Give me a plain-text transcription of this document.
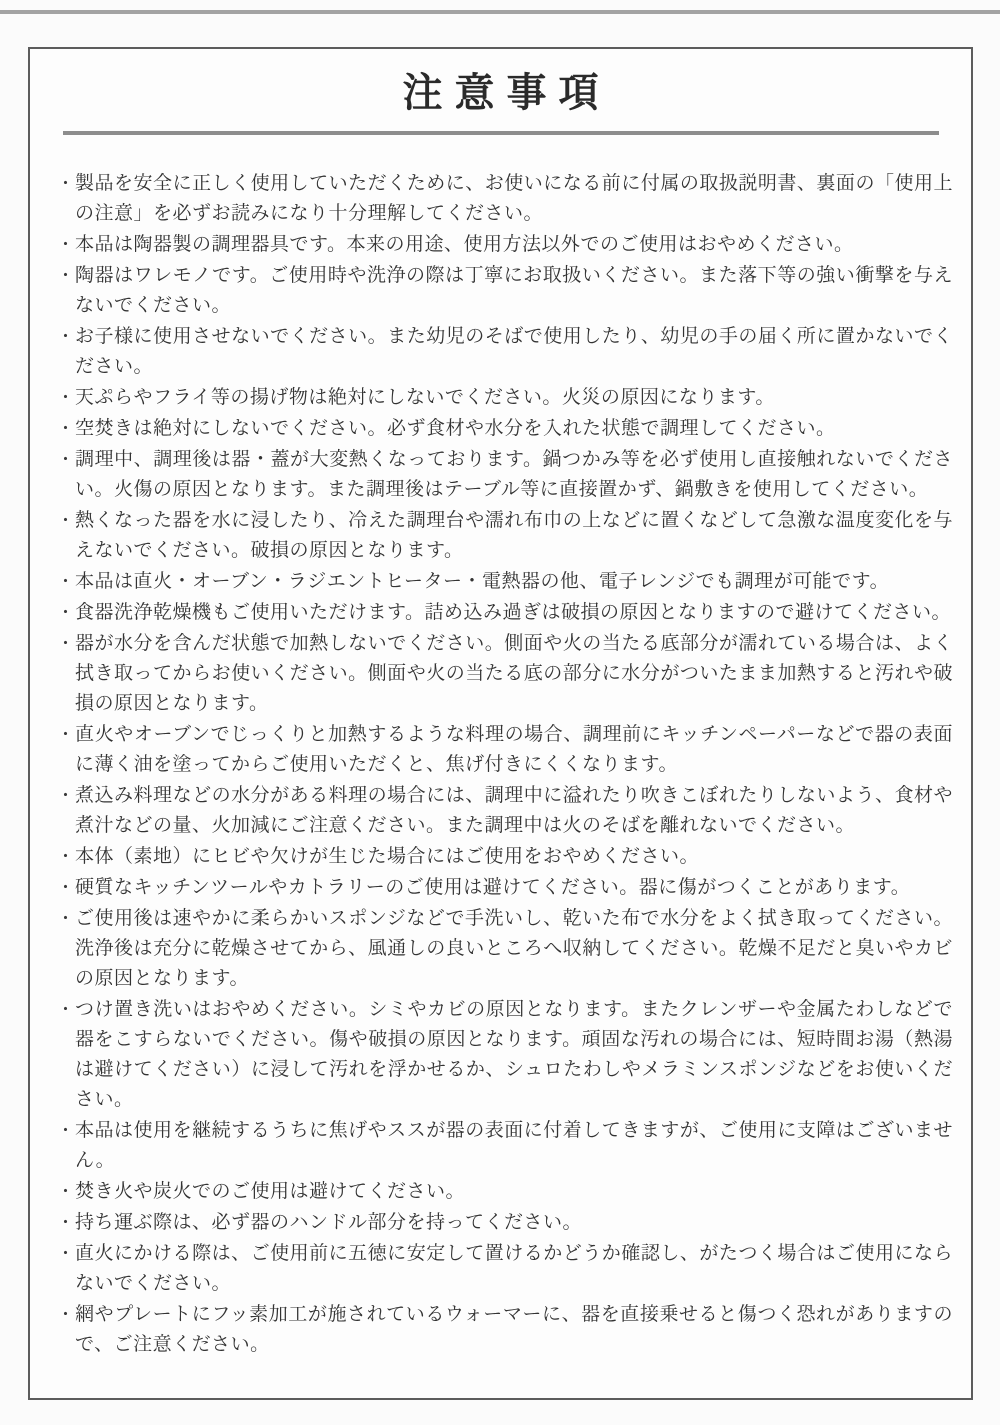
注意事項
・製品を安全に正しく使用していただくために、お使いになる前に付属の取扱説明書、裏面の「使用上の注意」を必ずお読みになり十分理解してください。
・本品は陶器製の調理器具です。本来の用途、使用方法以外でのご使用はおやめください。
・陶器はワレモノです。ご使用時や洗浄の際は丁寧にお取扱いください。また落下等の強い衝撃を与えないでください。
・お子様に使用させないでください。また幼児のそばで使用したり、幼児の手の届く所に置かないでください。
・天ぷらやフライ等の揚げ物は絶対にしないでください。火災の原因になります。
・空焚きは絶対にしないでください。必ず食材や水分を入れた状態で調理してください。
・調理中、調理後は器・蓋が大変熱くなっております。鍋つかみ等を必ず使用し直接触れないでください。火傷の原因となります。また調理後はテーブル等に直接置かず、鍋敷きを使用してください。
・熱くなった器を水に浸したり、冷えた調理台や濡れ布巾の上などに置くなどして急激な温度変化を与えないでください。破損の原因となります。
・本品は直火・オーブン・ラジエントヒーター・電熱器の他、電子レンジでも調理が可能です。
・食器洗浄乾燥機もご使用いただけます。詰め込み過ぎは破損の原因となりますので避けてください。
・器が水分を含んだ状態で加熱しないでください。側面や火の当たる底部分が濡れている場合は、よく拭き取ってからお使いください。側面や火の当たる底の部分に水分がついたまま加熱すると汚れや破損の原因となります。
・直火やオーブンでじっくりと加熱するような料理の場合、調理前にキッチンペーパーなどで器の表面に薄く油を塗ってからご使用いただくと、焦げ付きにくくなります。
・煮込み料理などの水分がある料理の場合には、調理中に溢れたり吹きこぼれたりしないよう、食材や煮汁などの量、火加減にご注意ください。また調理中は火のそばを離れないでください。
・本体（素地）にヒビや欠けが生じた場合にはご使用をおやめください。
・硬質なキッチンツールやカトラリーのご使用は避けてください。器に傷がつくことがあります。
・ご使用後は速やかに柔らかいスポンジなどで手洗いし、乾いた布で水分をよく拭き取ってください。洗浄後は充分に乾燥させてから、風通しの良いところへ収納してください。乾燥不足だと臭いやカビの原因となります。
・つけ置き洗いはおやめください。シミやカビの原因となります。またクレンザーや金属たわしなどで器をこすらないでください。傷や破損の原因となります。頑固な汚れの場合には、短時間お湯（熱湯は避けてください）に浸して汚れを浮かせるか、シュロたわしやメラミンスポンジなどをお使いください。
・本品は使用を継続するうちに焦げやススが器の表面に付着してきますが、ご使用に支障はございません。
・焚き火や炭火でのご使用は避けてください。
・持ち運ぶ際は、必ず器のハンドル部分を持ってください。
・直火にかける際は、ご使用前に五徳に安定して置けるかどうか確認し、がたつく場合はご使用にならないでください。
・網やプレートにフッ素加工が施されているウォーマーに、器を直接乗せると傷つく恐れがありますので、ご注意ください。
